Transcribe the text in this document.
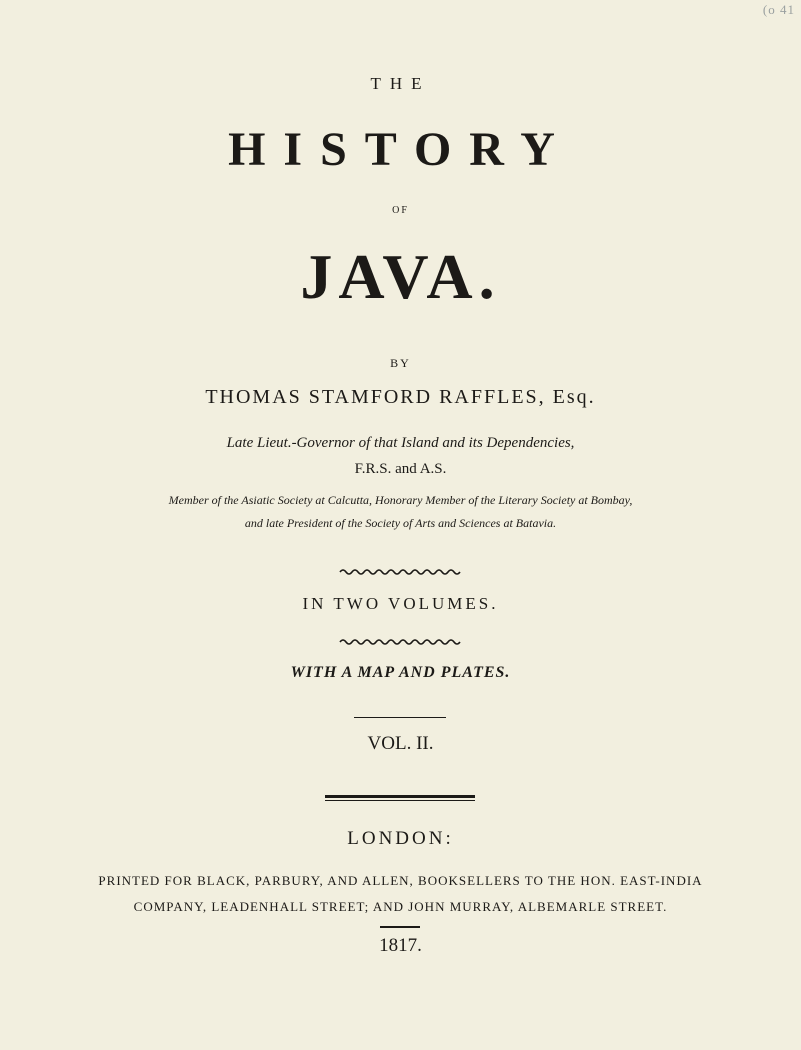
(o 41
THE
HISTORY
OF
JAVA.
BY
THOMAS STAMFORD RAFFLES, Esq.
Late Lieut.-Governor of that Island and its Dependencies,
F.R.S. and A.S.
Member of the Asiatic Society at Calcutta, Honorary Member of the Literary Society at Bombay,
and late President of the Society of Arts and Sciences at Batavia.
IN TWO VOLUMES.
WITH A MAP AND PLATES.
VOL. II.
LONDON:
PRINTED FOR BLACK, PARBURY, AND ALLEN, BOOKSELLERS TO THE HON. EAST-INDIA
COMPANY, LEADENHALL STREET; AND JOHN MURRAY, ALBEMARLE STREET.
1817.
